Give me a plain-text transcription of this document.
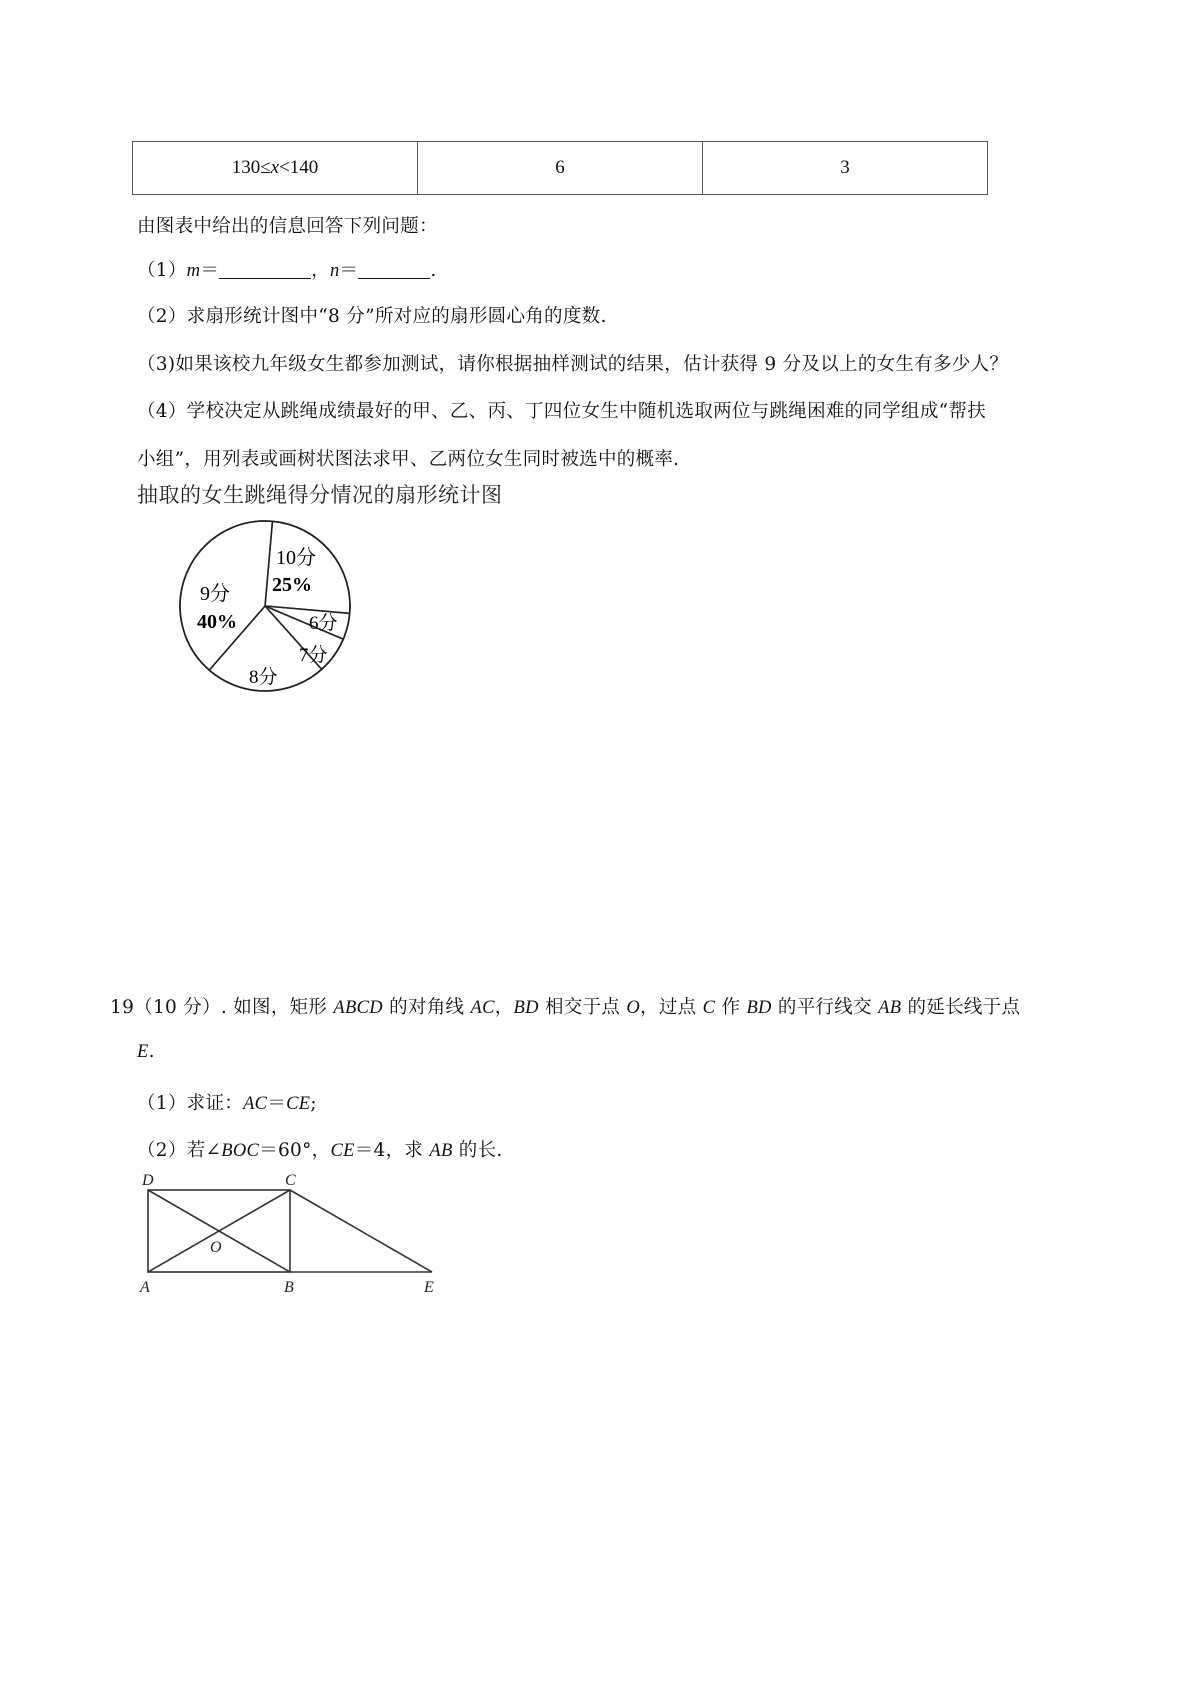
130≤x<140	6	3
由图表中给出的信息回答下列问题：
（1）m＝	，n＝	.
（2）求扇形统计图中“8 分”所对应的扇形圆心角的度数.
（3)如果该校九年级女生都参加测试，请你根据抽样测试的结果，估计获得 9 分及以上的女生有多少人？
（4）学校决定从跳绳成绩最好的甲、乙、丙、丁四位女生中随机选取两位与跳绳困难的同学组成“帮扶
小组”，用列表或画树状图法求甲、乙两位女生同时被选中的概率.
抽取的女生跳绳得分情况的扇形统计图
10分
25%
6分
7分
8分
9分
40%
19（10 分）. 如图，矩形 ABCD 的对角线 AC，BD 相交于点 O，过点 C 作 BD 的平行线交 AB 的延长线于点
E.
（1）求证：AC＝CE;
（2）若∠BOC＝60°，CE＝4，求 AB 的长.
D	C
O
A	B	E
